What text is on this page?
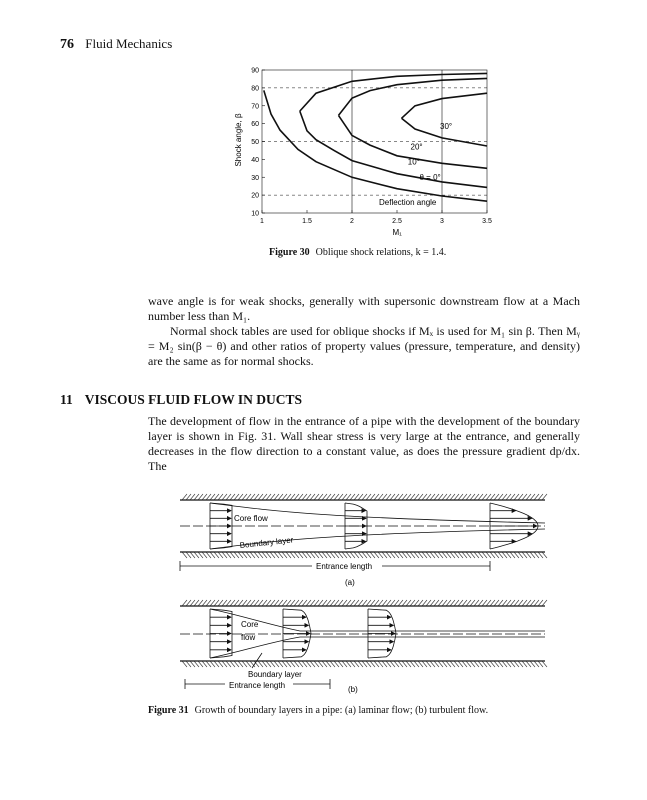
76 Fluid Mechanics
1	1.5	2	2.5	3	3.5
10
20
30
40
50
60
70
80
90
30°
Deflection angle
M₁
Shock angle, β	20°
10°
θ = 0°
Figure 30 Oblique shock relations, k = 1.4.
wave angle is for weak shocks, generally with supersonic downstream flow at a Mach number less than M₁.
Normal shock tables are used for oblique shocks if Mₓ is used for M₁ sin β. Then Mᵧ = M₂ sin(β − θ) and other ratios of property values (pressure, temperature, and density) are the same as for normal shocks.
11 VISCOUS FLUID FLOW IN DUCTS
The development of flow in the entrance of a pipe with the development of the boundary layer is shown in Fig. 31. Wall shear stress is very large at the entrance, and generally decreases in the flow direction to a constant value, as does the pressure gradient dp/dx. The
Core flow
Boundary layer
Entrance length
(a)
Core
flow
Boundary layer
Entrance length	(b)
Figure 31 Growth of boundary layers in a pipe: (a) laminar flow; (b) turbulent flow.
